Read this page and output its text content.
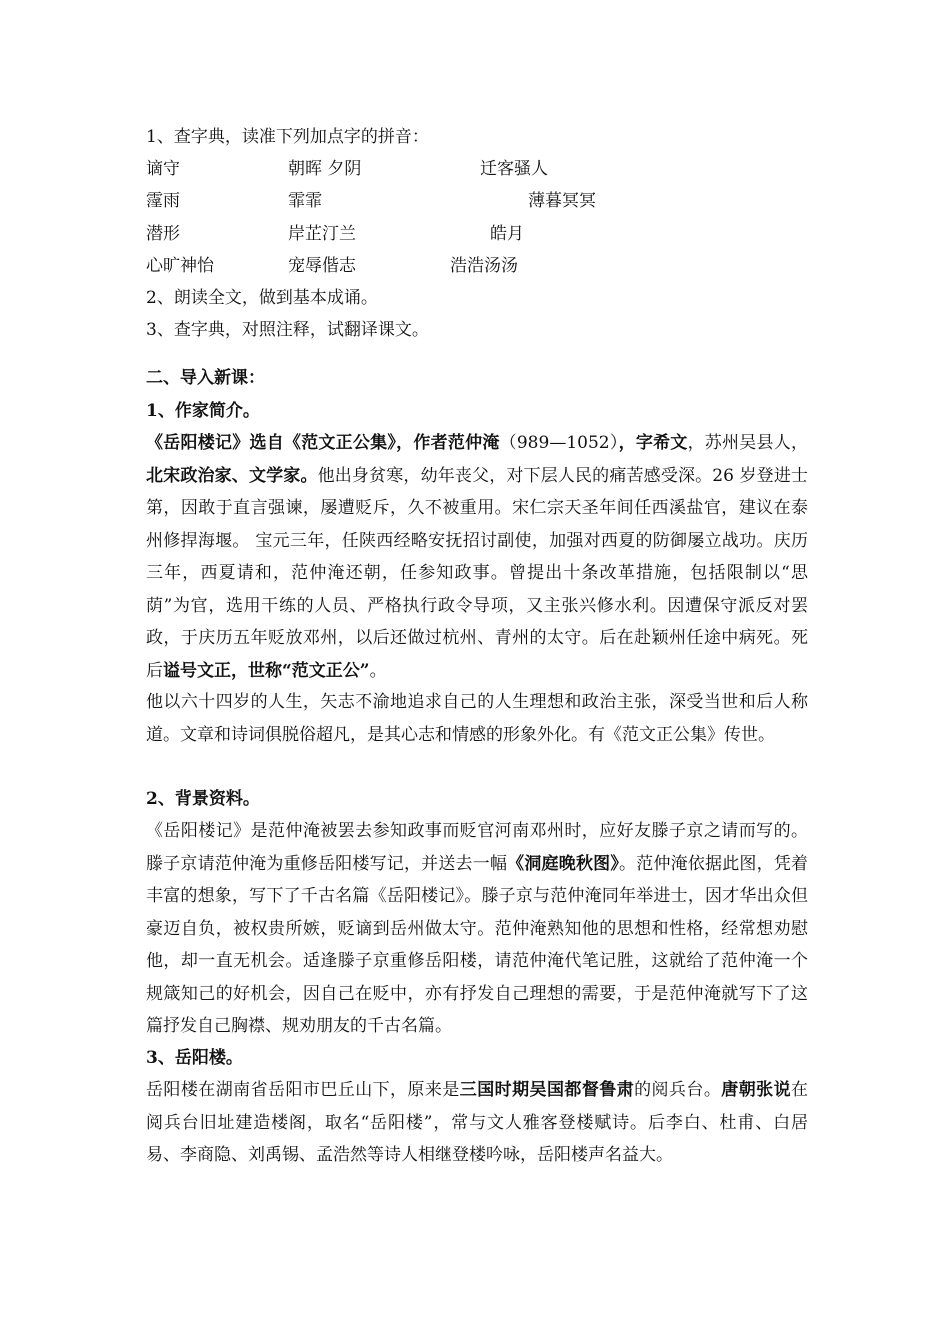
1、查字典，读准下列加点字的拼音：

谪守	朝晖 夕阴	迁客骚人
霪雨	霏霏	薄暮冥冥
潜形	岸芷汀兰	皓月
心旷神怡	宠辱偕志	浩浩汤汤

2、朗读全文，做到基本成诵。

3、查字典，对照注释，试翻译课文。

二、导入新课：

1、作家简介。

《岳阳楼记》选自《范文正公集》，作者范仲淹（989—1052），字希文，苏州吴县人，北宋政治家、文学家。他出身贫寒，幼年丧父，对下层人民的痛苦感受深。26 岁登进士第，因敢于直言强谏，屡遭贬斥，久不被重用。宋仁宗天圣年间任西溪盐官，建议在泰州修捍海堰。 宝元三年，任陕西经略安抚招讨副使，加强对西夏的防御屡立战功。庆历三年，西夏请和，范仲淹还朝，任参知政事。曾提出十条改革措施，包括限制以“思荫”为官，选用干练的人员、严格执行政令导项，又主张兴修水利。因遭保守派反对罢政，于庆历五年贬放邓州，以后还做过杭州、青州的太守。后在赴颖州任途中病死。死后谥号文正，世称“范文正公”。

他以六十四岁的人生，矢志不渝地追求自己的人生理想和政治主张，深受当世和后人称道。文章和诗词俱脱俗超凡，是其心志和情感的形象外化。有《范文正公集》传世。

2、背景资料。

《岳阳楼记》是范仲淹被罢去参知政事而贬官河南邓州时，应好友滕子京之请而写的。滕子京请范仲淹为重修岳阳楼写记，并送去一幅《洞庭晚秋图》。范仲淹依据此图，凭着丰富的想象，写下了千古名篇《岳阳楼记》。滕子京与范仲淹同年举进士，因才华出众但豪迈自负，被权贵所嫉，贬谪到岳州做太守。范仲淹熟知他的思想和性格，经常想劝慰他，却一直无机会。适逢滕子京重修岳阳楼，请范仲淹代笔记胜，这就给了范仲淹一个规箴知己的好机会，因自己在贬中，亦有抒发自己理想的需要，于是范仲淹就写下了这篇抒发自己胸襟、规劝朋友的千古名篇。

3、岳阳楼。

岳阳楼在湖南省岳阳市巴丘山下，原来是三国时期吴国都督鲁肃的阅兵台。唐朝张说在阅兵台旧址建造楼阁，取名“岳阳楼”，常与文人雅客登楼赋诗。后李白、杜甫、白居易、李商隐、刘禹锡、孟浩然等诗人相继登楼吟咏，岳阳楼声名益大。
